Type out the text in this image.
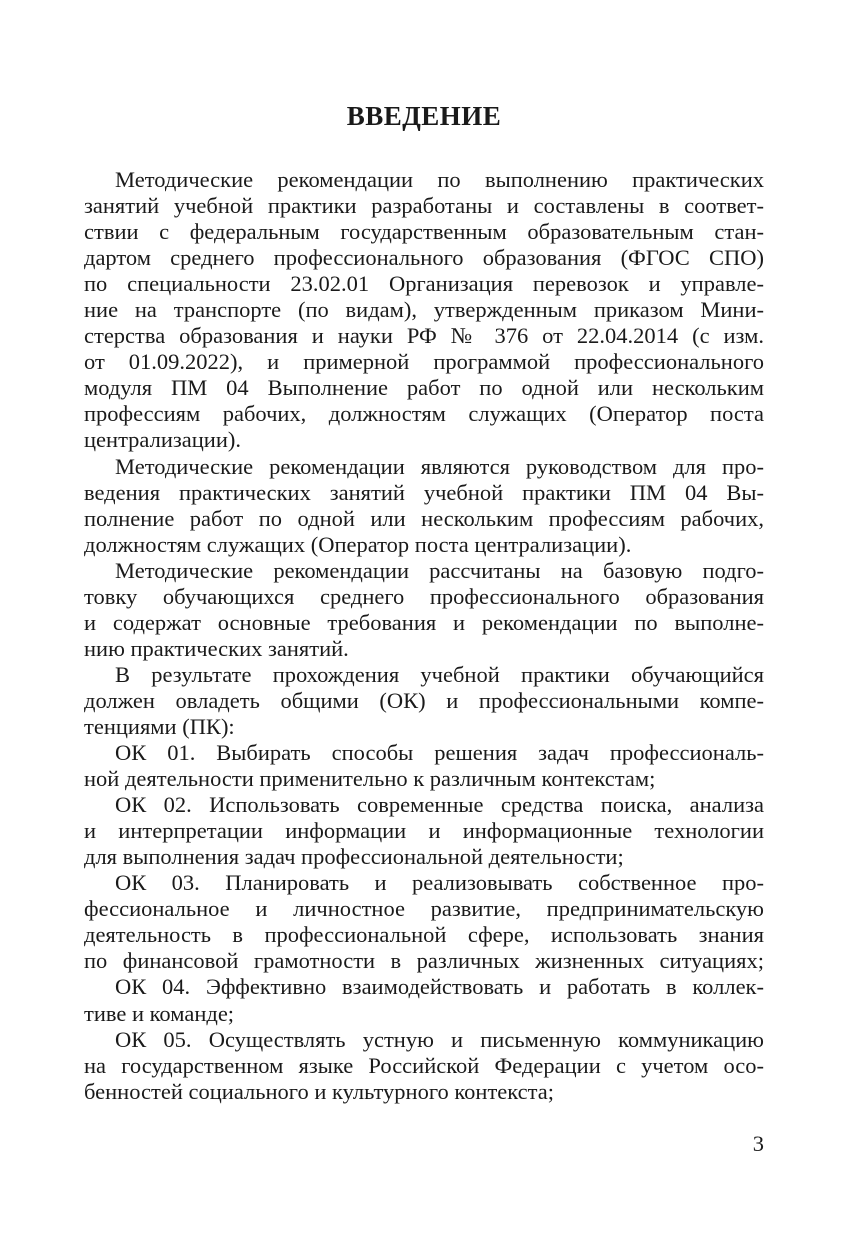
ВВЕДЕНИЕ
Методические рекомендации по выполнению практических
занятий учебной практики разработаны и составлены в соответ-
ствии с федеральным государственным образовательным стан-
дартом среднего профессионального образования (ФГОС СПО)
по специальности 23.02.01 Организация перевозок и управле-
ние на транспорте (по видам), утвержденным приказом Мини-
стерства образования и науки РФ № 376 от 22.04.2014 (с изм.
от 01.09.2022), и примерной программой профессионального
модуля ПМ 04 Выполнение работ по одной или нескольким
профессиям рабочих, должностям служащих (Оператор поста
централизации).
Методические рекомендации являются руководством для про-
ведения практических занятий учебной практики ПМ 04 Вы-
полнение работ по одной или нескольким профессиям рабочих,
должностям служащих (Оператор поста централизации).
Методические рекомендации рассчитаны на базовую подго-
товку обучающихся среднего профессионального образования
и содержат основные требования и рекомендации по выполне-
нию практических занятий.
В результате прохождения учебной практики обучающийся
должен овладеть общими (ОК) и профессиональными компе-
тенциями (ПК):
ОК 01. Выбирать способы решения задач профессиональ-
ной деятельности применительно к различным контекстам;
ОК 02. Использовать современные средства поиска, анализа
и интерпретации информации и информационные технологии
для выполнения задач профессиональной деятельности;
ОК 03. Планировать и реализовывать собственное про-
фессиональное и личностное развитие, предпринимательскую
деятельность в профессиональной сфере, использовать знания
по финансовой грамотности в различных жизненных ситуациях;
ОК 04. Эффективно взаимодействовать и работать в коллек-
тиве и команде;
ОК 05. Осуществлять устную и письменную коммуникацию
на государственном языке Российской Федерации с учетом осо-
бенностей социального и культурного контекста;
3
